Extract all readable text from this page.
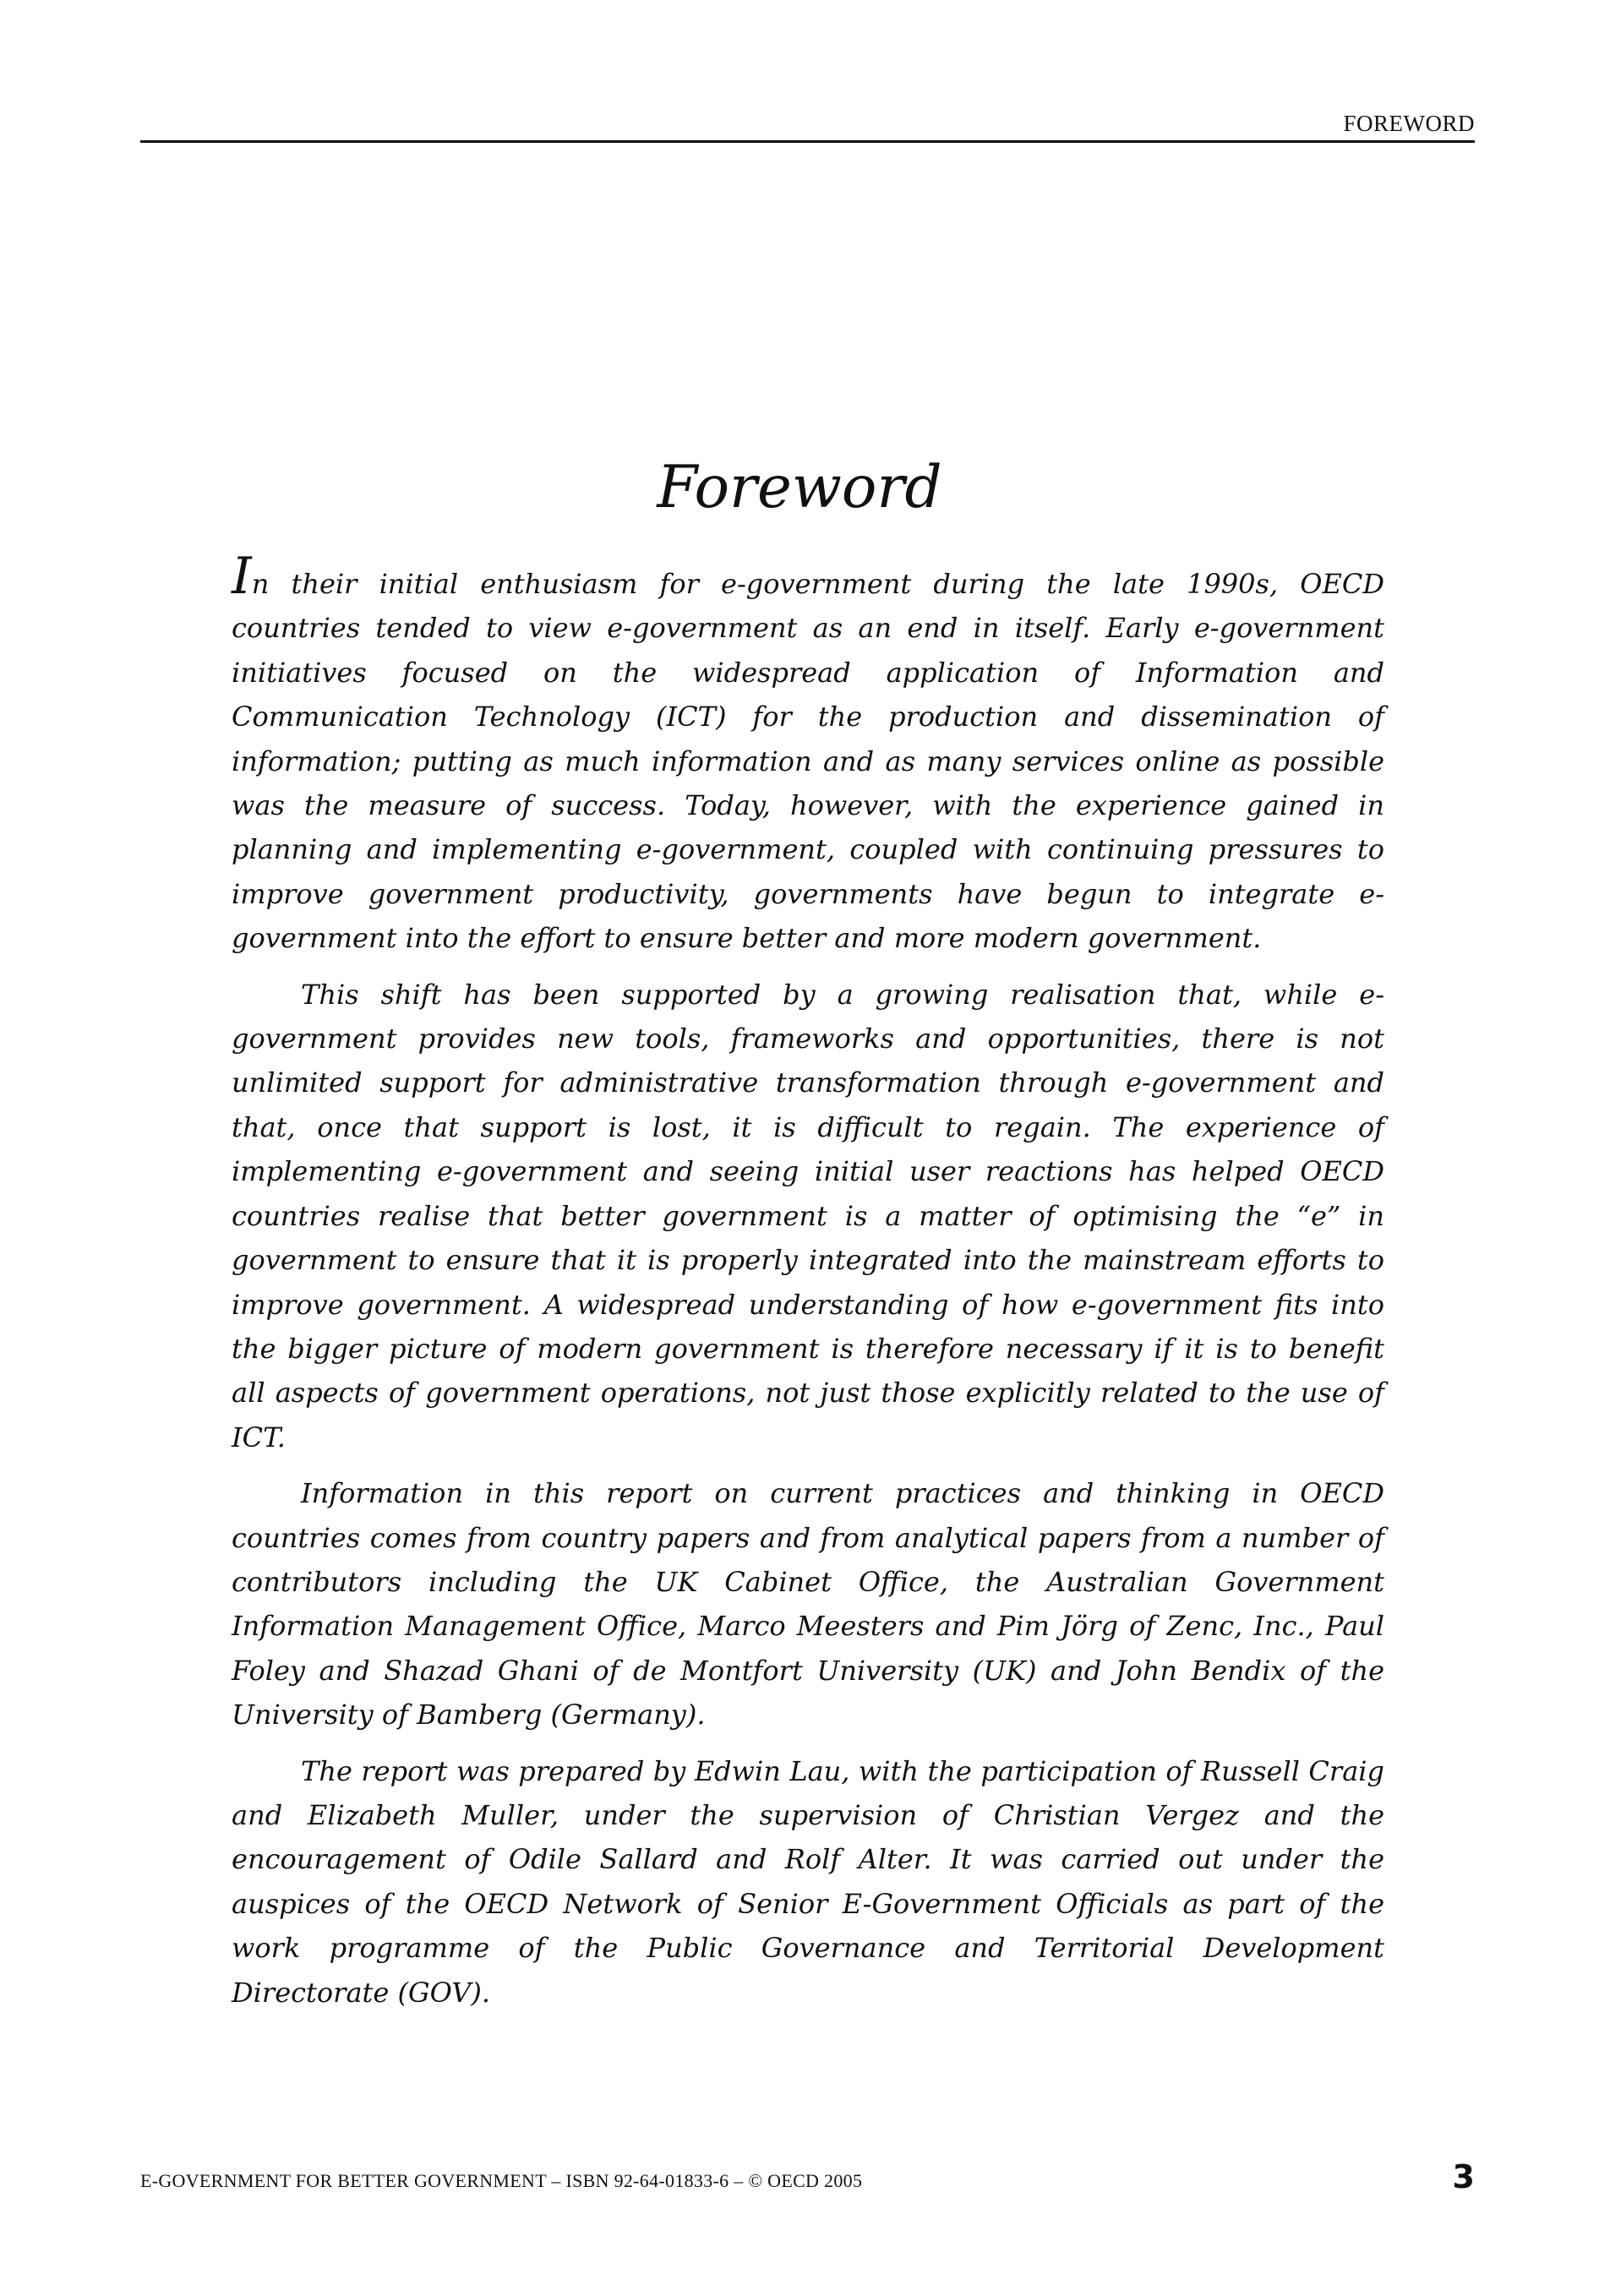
FOREWORD
Foreword

In their initial enthusiasm for e-government during the late 1990s, OECD countries tended to view e-government as an end in itself. Early e-government initiatives focused on the widespread application of Information and Communication Technology (ICT) for the production and dissemination of information; putting as much information and as many services online as possible was the measure of success. Today, however, with the experience gained in planning and implementing e-government, coupled with continuing pressures to improve government productivity, governments have begun to integrate e-government into the effort to ensure better and more modern government.

This shift has been supported by a growing realisation that, while e-government provides new tools, frameworks and opportunities, there is not unlimited support for administrative transformation through e-government and that, once that support is lost, it is difficult to regain. The experience of implementing e-government and seeing initial user reactions has helped OECD countries realise that better government is a matter of optimising the “e” in government to ensure that it is properly integrated into the mainstream efforts to improve government. A widespread understanding of how e-government fits into the bigger picture of modern government is therefore necessary if it is to benefit all aspects of government operations, not just those explicitly related to the use of ICT.

Information in this report on current practices and thinking in OECD countries comes from country papers and from analytical papers from a number of contributors including the UK Cabinet Office, the Australian Government Information Management Office, Marco Meesters and Pim Jörg of Zenc, Inc., Paul Foley and Shazad Ghani of de Montfort University (UK) and John Bendix of the University of Bamberg (Germany).

The report was prepared by Edwin Lau, with the participation of Russell Craig and Elizabeth Muller, under the supervision of Christian Vergez and the encouragement of Odile Sallard and Rolf Alter. It was carried out under the auspices of the OECD Network of Senior E-Government Officials as part of the work programme of the Public Governance and Territorial Development Directorate (GOV).

E-GOVERNMENT FOR BETTER GOVERNMENT – ISBN 92-64-01833-6 – © OECD 2005	3
